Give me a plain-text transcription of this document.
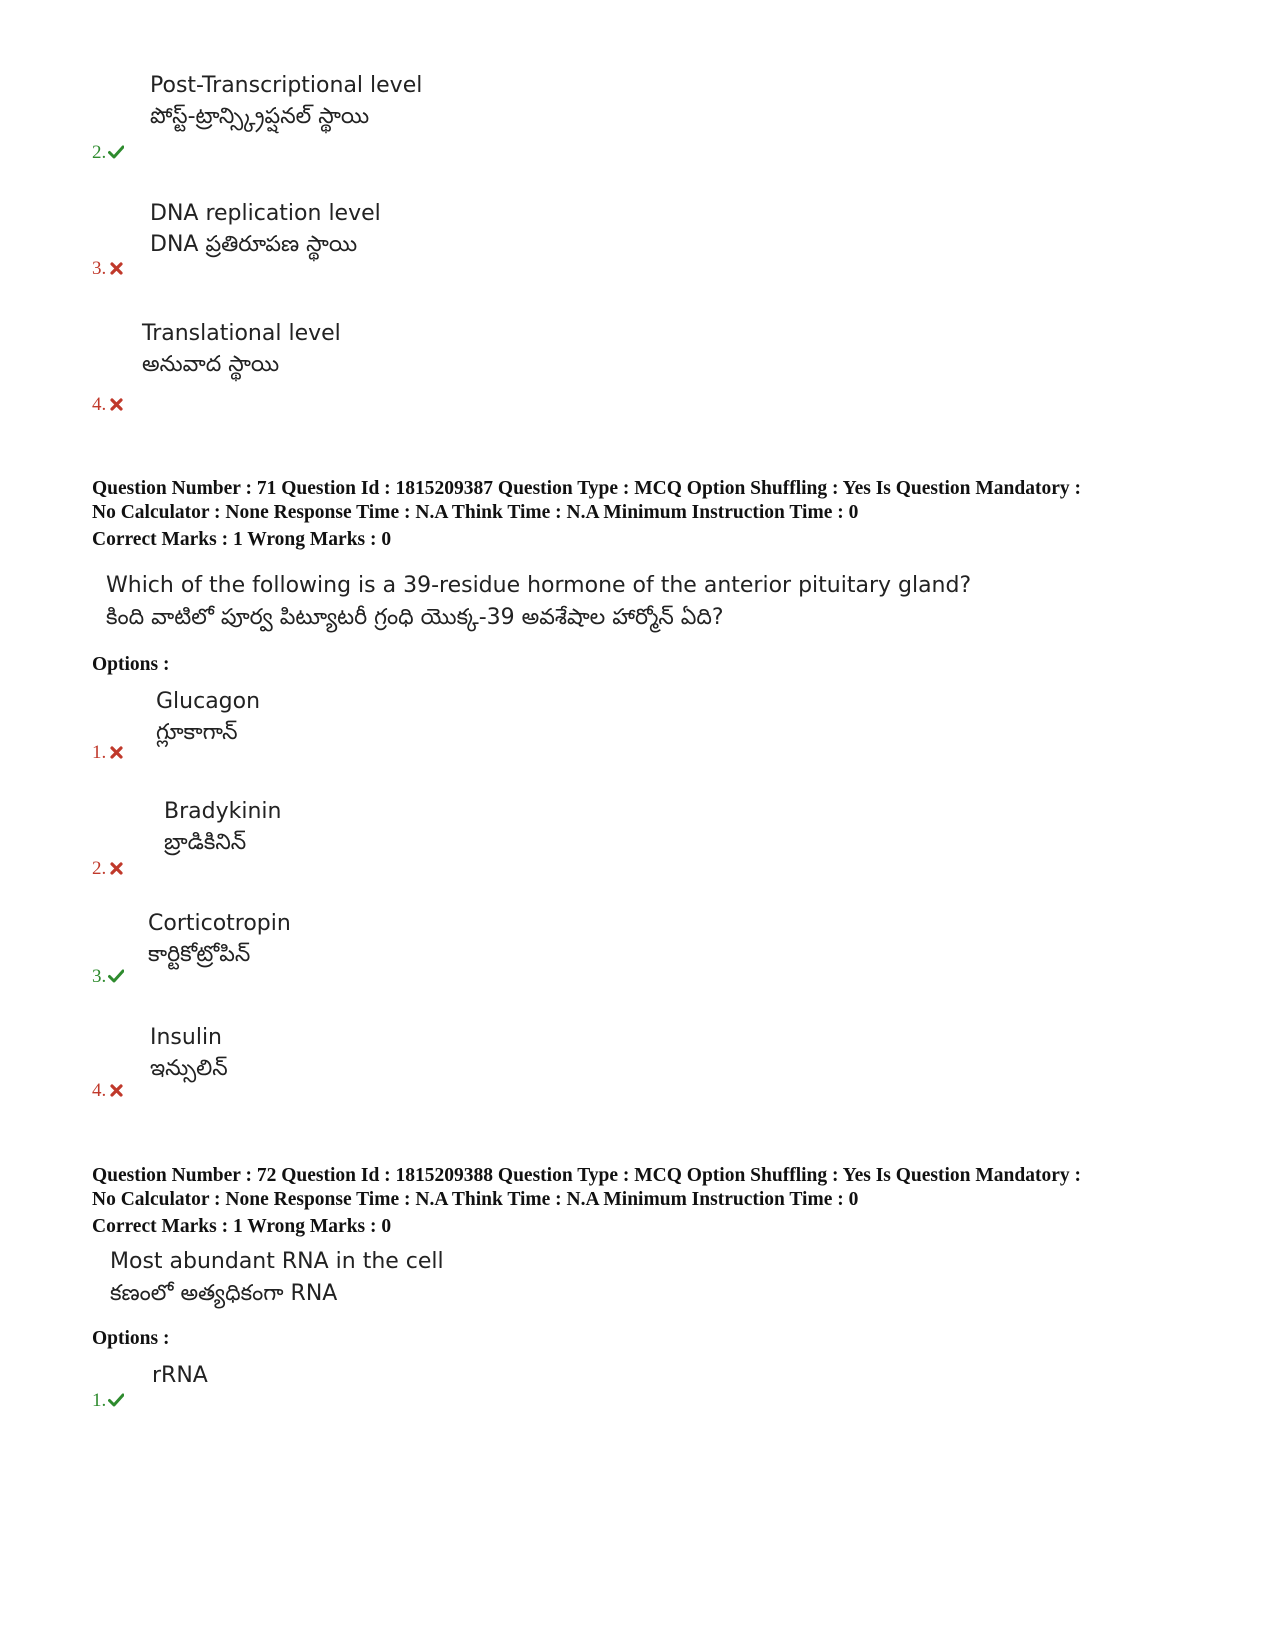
Post-Transcriptional level
పోస్ట్-ట్రాన్స్క్రిప్షనల్ స్థాయి
2.
DNA replication level
DNA ప్రతిరూపణ స్థాయి
3.
Translational level
అనువాద స్థాయి
4.
Question Number : 71 Question Id : 1815209387 Question Type : MCQ Option Shuffling : Yes Is Question Mandatory :
No Calculator : None Response Time : N.A Think Time : N.A Minimum Instruction Time : 0
Correct Marks : 1 Wrong Marks : 0
Which of the following is a 39-residue hormone of the anterior pituitary gland?
కింది వాటిలో పూర్వ పిట్యూటరీ గ్రంధి యొక్క-39 అవశేషాల హార్మోన్ ఏది?
Options :
Glucagon
గ్లూకాగాన్
1.
Bradykinin
బ్రాడికినిన్
2.
Corticotropin
కార్టికోట్రోపిన్
3.
Insulin
ఇన్సులిన్
4.
Question Number : 72 Question Id : 1815209388 Question Type : MCQ Option Shuffling : Yes Is Question Mandatory :
No Calculator : None Response Time : N.A Think Time : N.A Minimum Instruction Time : 0
Correct Marks : 1 Wrong Marks : 0
Most abundant RNA in the cell
కణంలో అత్యధికంగా RNA
Options :
rRNA
1.
